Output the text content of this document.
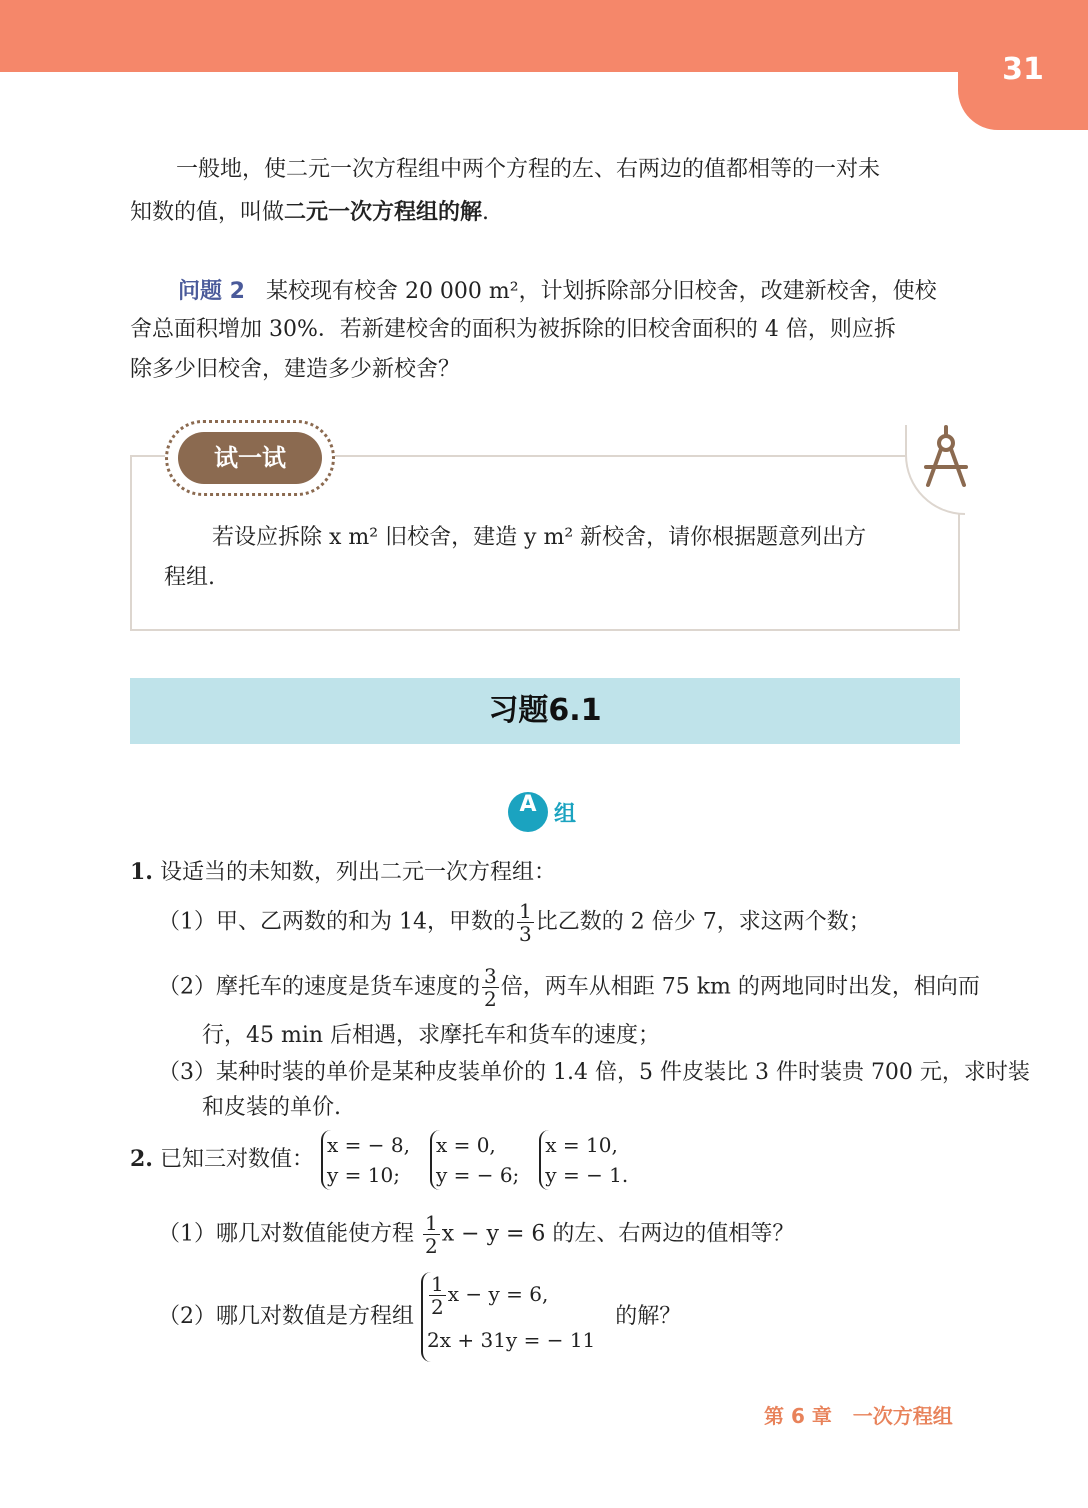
31
一般地，使二元一次方程组中两个方程的左、右两边的值都相等的一对未
知数的值，叫做二元一次方程组的解.
问题 2 某校现有校舍 20 000 m²，计划拆除部分旧校舍，改建新校舍，使校
舍总面积增加 30%．若新建校舍的面积为被拆除的旧校舍面积的 4 倍，则应拆
除多少旧校舍，建造多少新校舍？
试一试
若设应拆除 x m² 旧校舍，建造 y m² 新校舍，请你根据题意列出方
程组.
习题6.1
A 组
1. 设适当的未知数，列出二元一次方程组：
（1）甲、乙两数的和为 14，甲数的 $\frac{1}{3}$ 比乙数的 2 倍少 7，求这两个数；
（2）摩托车的速度是货车速度的 $\frac{3}{2}$ 倍，两车从相距 75 km 的两地同时出发，相向而
行，45 min 后相遇，求摩托车和货车的速度；
（3）某种时装的单价是某种皮装单价的 1.4 倍，5 件皮装比 3 件时装贵 700 元，求时装
和皮装的单价.
2. 已知三对数值：
x = − 8,
y = 10;
x = 0,
y = − 6;
x = 10,
y = − 1.
（1）哪几对数值能使方程 $\frac{1}{2}$ x − y = 6 的左、右两边的值相等？
（2）哪几对数值是方程组 $\frac{1}{2}$ x − y = 6,
2x + 31y = − 11
的解？
第 6 章 一次方程组
